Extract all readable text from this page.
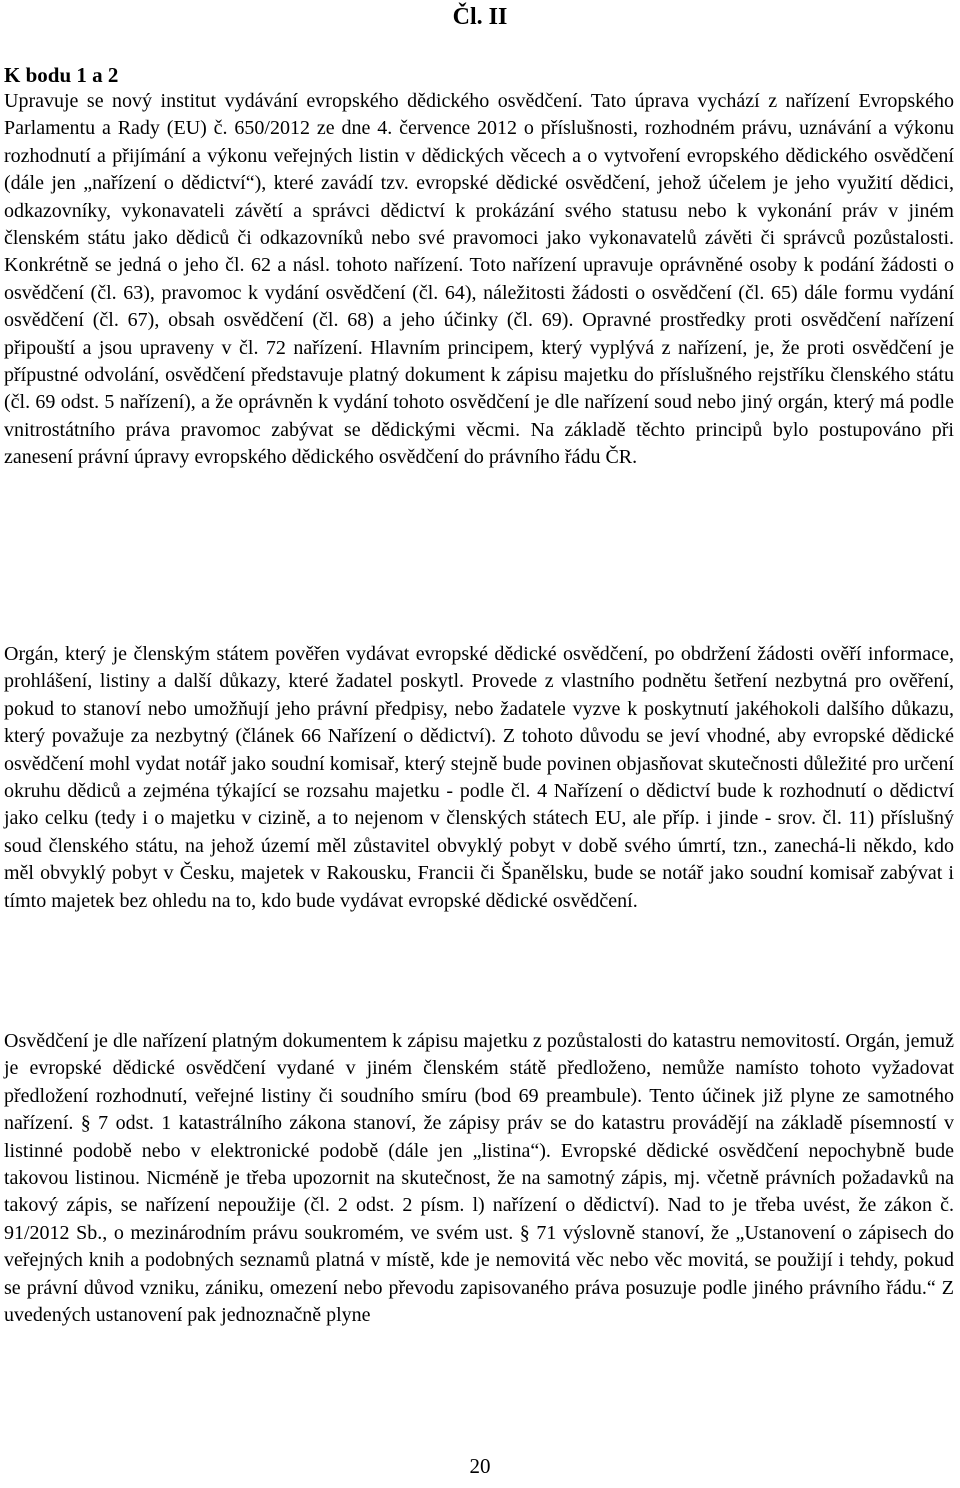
Čl. II
K bodu 1 a 2

Upravuje se nový institut vydávání evropského dědického osvědčení. Tato úprava vychází z nařízení Evropského Parlamentu a Rady (EU) č. 650/2012 ze dne 4. července 2012 o příslušnosti, rozhodném právu, uznávání a výkonu rozhodnutí a přijímání a výkonu veřejných listin v dědických věcech a o vytvoření evropského dědického osvědčení (dále jen „nařízení o dědictví“), které zavádí tzv. evropské dědické osvědčení, jehož účelem je jeho využití dědici, odkazovníky, vykonavateli závětí a správci dědictví k prokázání svého statusu nebo k vykonání práv v jiném členském státu jako dědiců či odkazovníků nebo své pravomoci jako vykonavatelů závěti či správců pozůstalosti. Konkrétně se jedná o jeho čl. 62 a násl. tohoto nařízení. Toto nařízení upravuje oprávněné osoby k podání žádosti o osvědčení (čl. 63), pravomoc k vydání osvědčení (čl. 64), náležitosti žádosti o osvědčení (čl. 65) dále formu vydání osvědčení (čl. 67), obsah osvědčení (čl. 68) a jeho účinky (čl. 69). Opravné prostředky proti osvědčení nařízení připouští a jsou upraveny v čl. 72 nařízení. Hlavním principem, který vyplývá z nařízení, je, že proti osvědčení je přípustné odvolání, osvědčení představuje platný dokument k zápisu majetku do příslušného rejstříku členského státu (čl. 69 odst. 5 nařízení), a že oprávněn k vydání tohoto osvědčení je dle nařízení soud nebo jiný orgán, který má podle vnitrostátního práva pravomoc zabývat se dědickými věcmi. Na základě těchto principů bylo postupováno při zanesení právní úpravy evropského dědického osvědčení do právního řádu ČR.

Orgán, který je členským státem pověřen vydávat evropské dědické osvědčení, po obdržení žádosti ověří informace, prohlášení, listiny a další důkazy, které žadatel poskytl. Provede z vlastního podnětu šetření nezbytná pro ověření, pokud to stanoví nebo umožňují jeho právní předpisy, nebo žadatele vyzve k poskytnutí jakéhokoli dalšího důkazu, který považuje za nezbytný (článek 66 Nařízení o dědictví). Z tohoto důvodu se jeví vhodné, aby evropské dědické osvědčení mohl vydat notář jako soudní komisař, který stejně bude povinen objasňovat skutečnosti důležité pro určení okruhu dědiců a zejména týkající se rozsahu majetku - podle čl. 4 Nařízení o dědictví bude k rozhodnutí o dědictví jako celku (tedy i o majetku v cizině, a to nejenom v členských státech EU, ale příp. i jinde - srov. čl. 11) příslušný soud členského státu, na jehož území měl zůstavitel obvyklý pobyt v době svého úmrtí, tzn., zanechá-li někdo, kdo měl obvyklý pobyt v Česku, majetek v Rakousku, Francii či Španělsku, bude se notář jako soudní komisař zabývat i tímto majetek bez ohledu na to, kdo bude vydávat evropské dědické osvědčení.

Osvědčení je dle nařízení platným dokumentem k zápisu majetku z pozůstalosti do katastru nemovitostí. Orgán, jemuž je evropské dědické osvědčení vydané v jiném členském státě předloženo, nemůže namísto tohoto vyžadovat předložení rozhodnutí, veřejné listiny či soudního smíru (bod 69 preambule). Tento účinek již plyne ze samotného nařízení. § 7 odst. 1 katastrálního zákona stanoví, že zápisy práv se do katastru provádějí na základě písemností v listinné podobě nebo v elektronické podobě (dále jen „listina“). Evropské dědické osvědčení nepochybně bude takovou listinou. Nicméně je třeba upozornit na skutečnost, že na samotný zápis, mj. včetně právních požadavků na takový zápis, se nařízení nepoužije (čl. 2 odst. 2 písm. l) nařízení o dědictví). Nad to je třeba uvést, že zákon č. 91/2012 Sb., o mezinárodním právu soukromém, ve svém ust. § 71 výslovně stanoví, že „Ustanovení o zápisech do veřejných knih a podobných seznamů platná v místě, kde je nemovitá věc nebo věc movitá, se použijí i tehdy, pokud se právní důvod vzniku, zániku, omezení nebo převodu zapisovaného práva posuzuje podle jiného právního řádu.“ Z uvedených ustanovení pak jednoznačně plyne

20
